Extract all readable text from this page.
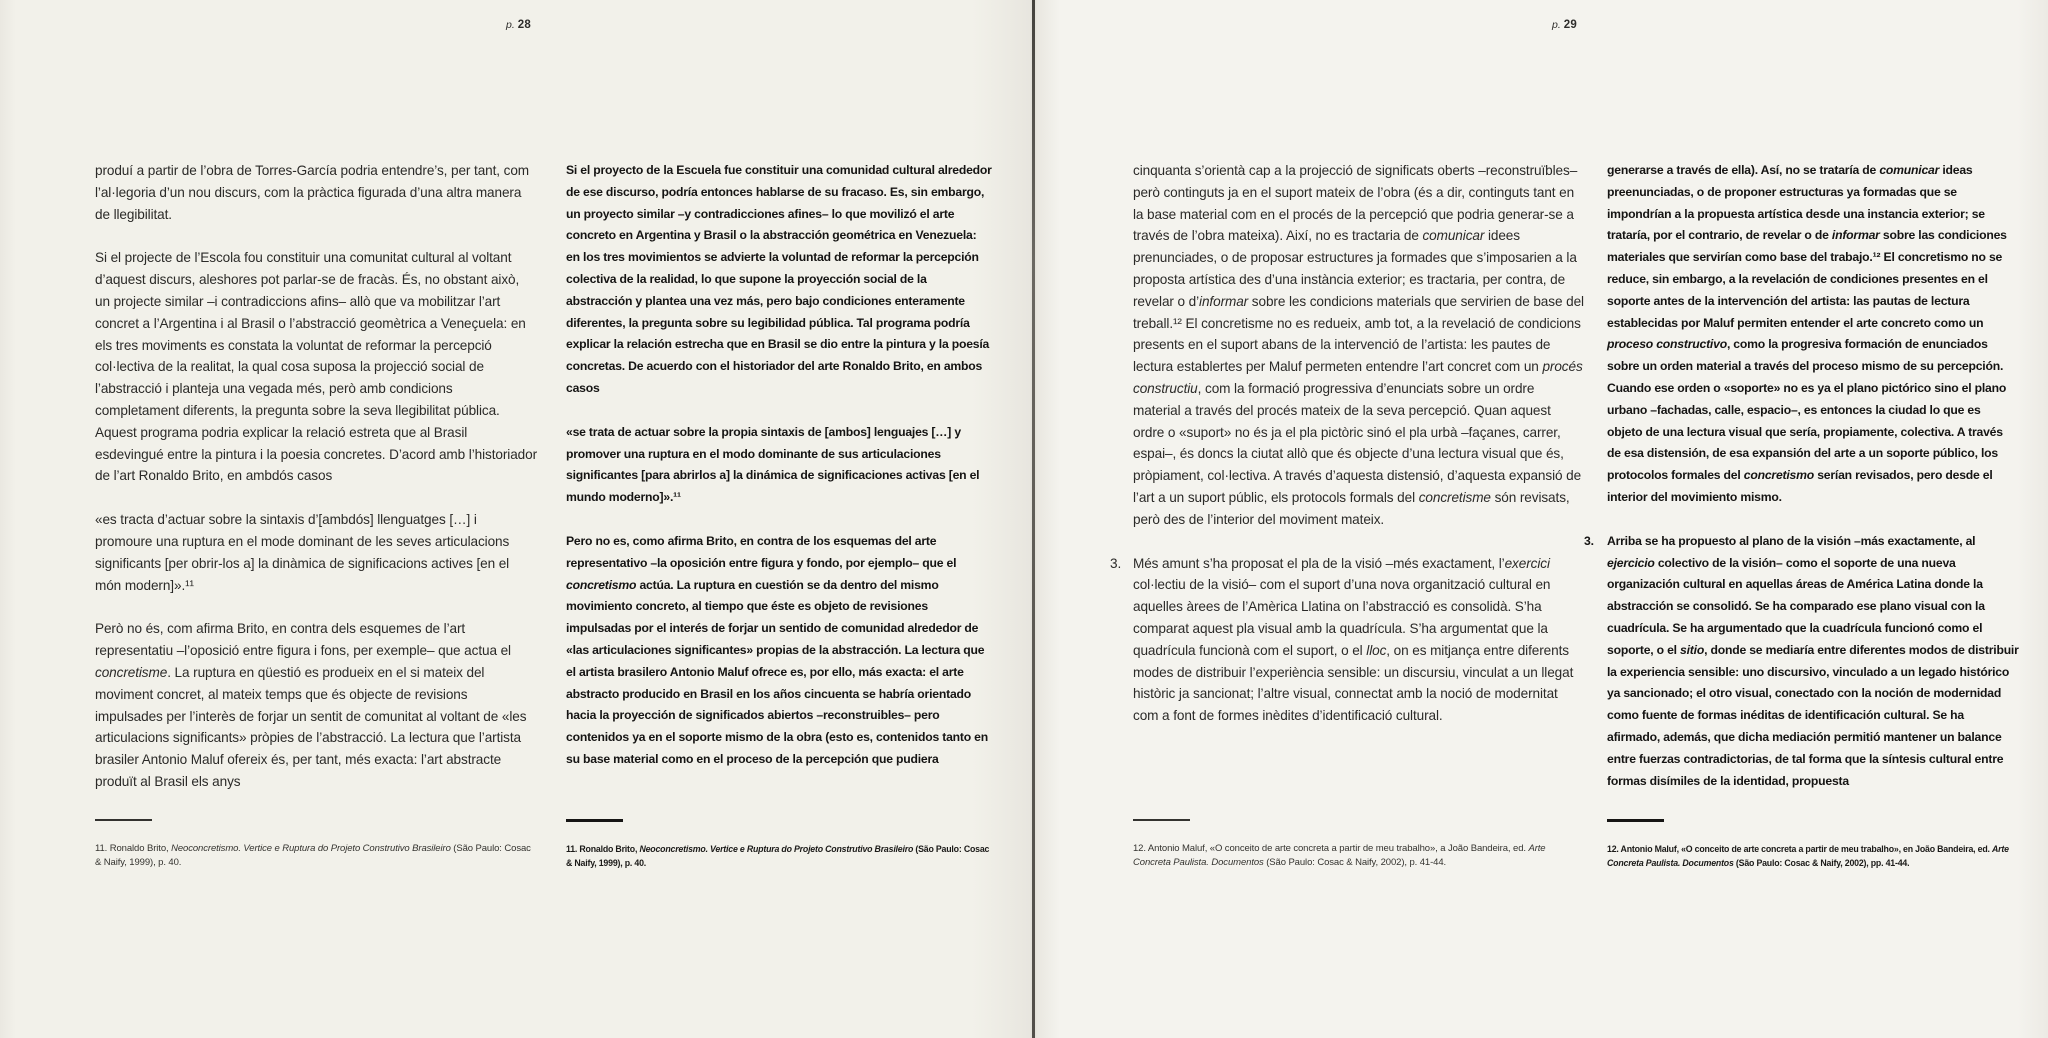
p. 28	p. 29
produí a partir de l’obra de Torres-García podria entendre’s, per tant, com l’al·legoria d’un nou discurs, com la pràctica figurada d’una altra manera de llegibilitat.
Si el projecte de l’Escola fou constituir una comunitat cultural al voltant d’aquest discurs, aleshores pot parlar-se de fracàs. És, no obstant això, un projecte similar –i contradiccions afins– allò que va mobilitzar l’art concret a l’Argentina i al Brasil o l’abstracció geomètrica a Veneçuela: en els tres moviments es constata la voluntat de reformar la percepció col·lectiva de la realitat, la qual cosa suposa la projecció social de l’abstracció i planteja una vegada més, però amb condicions completament diferents, la pregunta sobre la seva llegibilitat pública. Aquest programa podria explicar la relació estreta que al Brasil esdevingué entre la pintura i la poesia concretes. D’acord amb l’historiador de l’art Ronaldo Brito, en ambdós casos
«es tracta d’actuar sobre la sintaxis d’[ambdós] llenguatges […] i promoure una ruptura en el mode dominant de les seves articulacions significants [per obrir-los a] la dinàmica de significacions actives [en el món modern]».¹¹
Però no és, com afirma Brito, en contra dels esquemes de l’art representatiu –l’oposició entre figura i fons, per exemple– que actua el concretisme. La ruptura en qüestió es produeix en el si mateix del moviment concret, al mateix temps que és objecte de revisions impulsades per l’interès de forjar un sentit de comunitat al voltant de «les articulacions significants» pròpies de l’abstracció. La lectura que l’artista brasiler Antonio Maluf ofereix és, per tant, més exacta: l’art abstracte produït al Brasil els anys
Si el proyecto de la Escuela fue constituir una comunidad cultural alrededor de ese discurso, podría entonces hablarse de su fracaso. Es, sin embargo, un proyecto similar –y contradicciones afines– lo que movilizó el arte concreto en Argentina y Brasil o la abstracción geométrica en Venezuela: en los tres movimientos se advierte la voluntad de reformar la percepción colectiva de la realidad, lo que supone la proyección social de la abstracción y plantea una vez más, pero bajo condiciones enteramente diferentes, la pregunta sobre su legibilidad pública. Tal programa podría explicar la relación estrecha que en Brasil se dio entre la pintura y la poesía concretas. De acuerdo con el historiador del arte Ronaldo Brito, en ambos casos
«se trata de actuar sobre la propia sintaxis de [ambos] lenguajes […] y promover una ruptura en el modo dominante de sus articulaciones significantes [para abrirlos a] la dinámica de significaciones activas [en el mundo moderno]».¹¹
Pero no es, como afirma Brito, en contra de los esquemas del arte representativo –la oposición entre figura y fondo, por ejemplo– que el concretismo actúa. La ruptura en cuestión se da dentro del mismo movimiento concreto, al tiempo que éste es objeto de revisiones impulsadas por el interés de forjar un sentido de comunidad alrededor de «las articulaciones significantes» propias de la abstracción. La lectura que el artista brasilero Antonio Maluf ofrece es, por ello, más exacta: el arte abstracto producido en Brasil en los años cincuenta se habría orientado hacia la proyección de significados abiertos –reconstruibles– pero contenidos ya en el soporte mismo de la obra (esto es, contenidos tanto en su base material como en el proceso de la percepción que pudiera
cinquanta s’orientà cap a la projecció de significats oberts –reconstruïbles– però continguts ja en el suport mateix de l’obra (és a dir, continguts tant en la base material com en el procés de la percepció que podria generar-se a través de l’obra mateixa). Així, no es tractaria de comunicar idees prenunciades, o de proposar estructures ja formades que s’imposarien a la proposta artística des d’una instància exterior; es tractaria, per contra, de revelar o d’informar sobre les condicions materials que servirien de base del treball.¹² El concretisme no es redueix, amb tot, a la revelació de condicions presents en el suport abans de la intervenció de l’artista: les pautes de lectura establertes per Maluf permeten entendre l’art concret com un procés constructiu, com la formació progressiva d’enunciats sobre un ordre material a través del procés mateix de la seva percepció. Quan aquest ordre o «suport» no és ja el pla pictòric sinó el pla urbà –façanes, carrer, espai–, és doncs la ciutat allò que és objecte d’una lectura visual que és, pròpiament, col·lectiva. A través d’aquesta distensió, d’aquesta expansió de l’art a un suport públic, els protocols formals del concretisme són revisats, però des de l’interior del moviment mateix.
3. Més amunt s’ha proposat el pla de la visió –més exactament, l’exercici col·lectiu de la visió– com el suport d’una nova organització cultural en aquelles àrees de l’Amèrica Llatina on l’abstracció es consolidà. S’ha comparat aquest pla visual amb la quadrícula. S’ha argumentat que la quadrícula funcionà com el suport, o el lloc, on es mitjança entre diferents modes de distribuir l’experiència sensible: un discursiu, vinculat a un llegat històric ja sancionat; l’altre visual, connectat amb la noció de modernitat com a font de formes inèdites d’identificació cultural.
generarse a través de ella). Así, no se trataría de comunicar ideas preenunciadas, o de proponer estructuras ya formadas que se impondrían a la propuesta artística desde una instancia exterior; se trataría, por el contrario, de revelar o de informar sobre las condiciones materiales que servirían como base del trabajo.¹² El concretismo no se reduce, sin embargo, a la revelación de condiciones presentes en el soporte antes de la intervención del artista: las pautas de lectura establecidas por Maluf permiten entender el arte concreto como un proceso constructivo, como la progresiva formación de enunciados sobre un orden material a través del proceso mismo de su percepción. Cuando ese orden o «soporte» no es ya el plano pictórico sino el plano urbano –fachadas, calle, espacio–, es entonces la ciudad lo que es objeto de una lectura visual que sería, propiamente, colectiva. A través de esa distensión, de esa expansión del arte a un soporte público, los protocolos formales del concretismo serían revisados, pero desde el interior del movimiento mismo.
3. Arriba se ha propuesto al plano de la visión –más exactamente, al ejercicio colectivo de la visión– como el soporte de una nueva organización cultural en aquellas áreas de América Latina donde la abstracción se consolidó. Se ha comparado ese plano visual con la cuadrícula. Se ha argumentado que la cuadrícula funcionó como el soporte, o el sitio, donde se mediaría entre diferentes modos de distribuir la experiencia sensible: uno discursivo, vinculado a un legado histórico ya sancionado; el otro visual, conectado con la noción de modernidad como fuente de formas inéditas de identificación cultural. Se ha afirmado, además, que dicha mediación permitió mantener un balance entre fuerzas contradictorias, de tal forma que la síntesis cultural entre formas disímiles de la identidad, propuesta
11. Ronaldo Brito, Neoconcretismo. Vertice e Ruptura do Projeto Construtivo Brasileiro (São Paulo: Cosac & Naify, 1999), p. 40.
11. Ronaldo Brito, Neoconcretismo. Vertice e Ruptura do Projeto Construtivo Brasileiro (São Paulo: Cosac & Naify, 1999), p. 40.
12. Antonio Maluf, «O conceito de arte concreta a partir de meu trabalho», a João Bandeira, ed. Arte Concreta Paulista. Documentos (São Paulo: Cosac & Naify, 2002), p. 41-44.
12. Antonio Maluf, «O conceito de arte concreta a partir de meu trabalho», en João Bandeira, ed. Arte Concreta Paulista. Documentos (São Paulo: Cosac & Naify, 2002), pp. 41-44.
